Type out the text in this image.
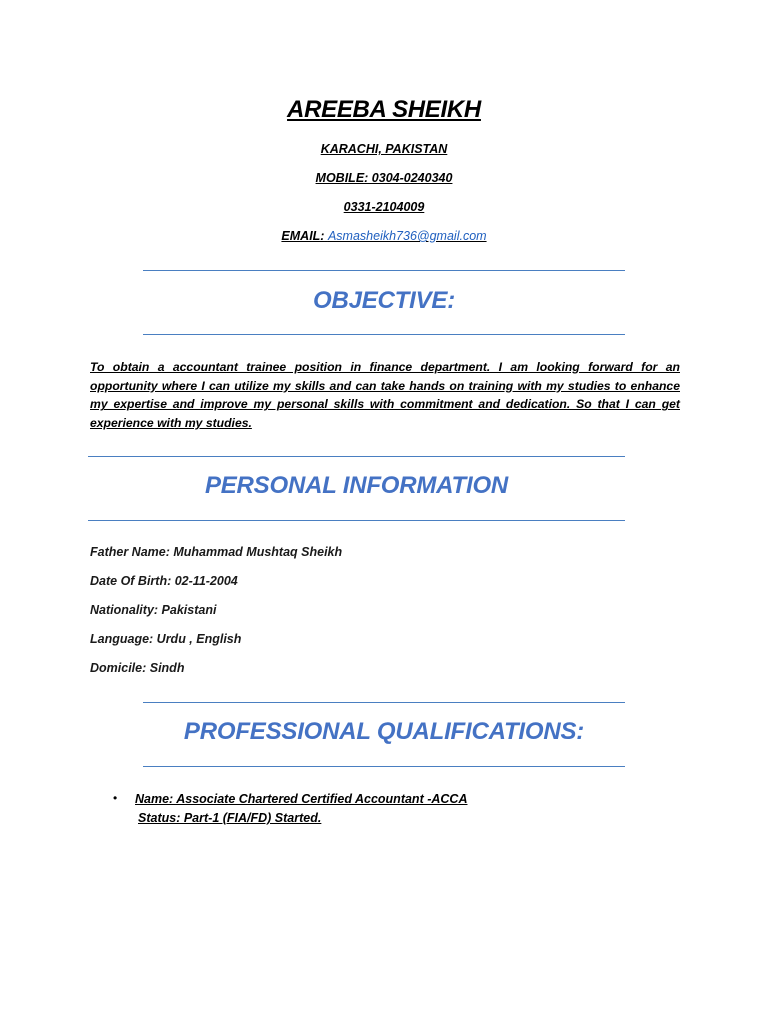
AREEBA SHEIKH
KARACHI, PAKISTAN
MOBILE: 0304-0240340
0331-2104009
EMAIL: Asmasheikh736@gmail.com
OBJECTIVE:
To obtain a accountant trainee position in finance department. I am looking forward for an opportunity where I can utilize my skills and can take hands on training with my studies to enhance my expertise and improve my personal skills with commitment and dedication. So that I can get experience with my studies.
PERSONAL INFORMATION
Father Name: Muhammad Mushtaq Sheikh
Date Of Birth: 02-11-2004
Nationality: Pakistani
Language: Urdu , English
Domicile: Sindh
PROFESSIONAL QUALIFICATIONS:
• Name: Associate Chartered Certified Accountant -ACCA
Status: Part-1 (FIA/FD) Started.
